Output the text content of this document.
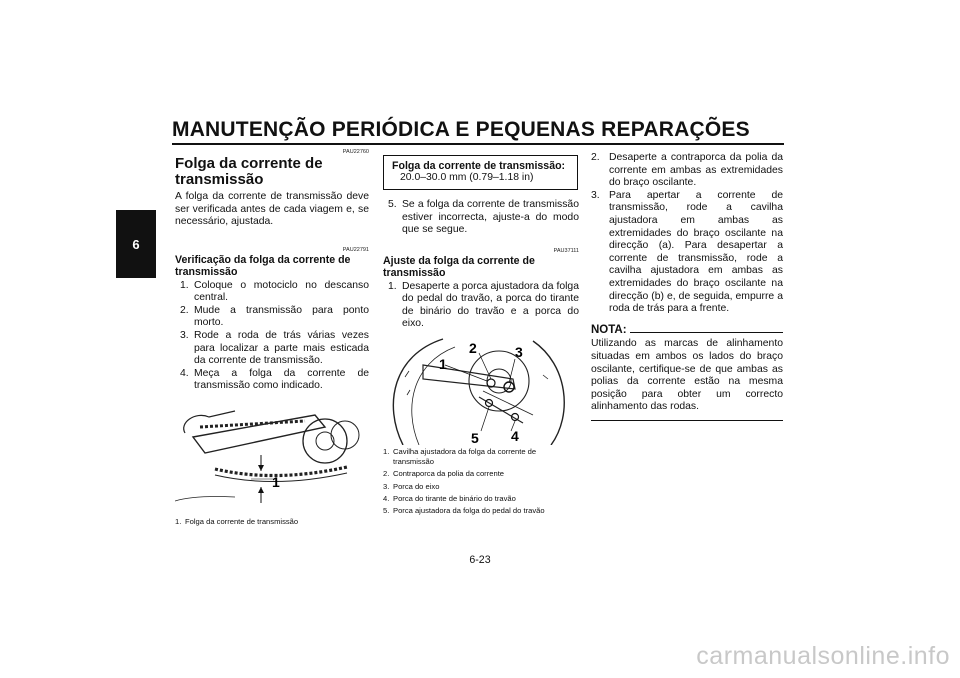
MANUTENÇÃO PERIÓDICA E PEQUENAS REPARAÇÕES
6

PAU22760

Folga da corrente de transmissão

A folga da corrente de transmissão deve ser verificada antes de cada viagem e, se necessário, ajustada.

PAU22791

Verificação da folga da corrente de transmissão
1. Coloque o motociclo no descanso central.
2. Mude a transmissão para ponto morto.
3. Rode a roda de trás várias vezes para localizar a parte mais esticada da corrente de transmissão.
4. Meça a folga da corrente de transmissão como indicado.
1
1. Folga da corrente de transmissão
Folga da corrente de transmissão:
20.0–30.0 mm (0.79–1.18 in)
5. Se a folga da corrente de transmissão estiver incorrecta, ajuste-a do modo que se segue.

PAU37111

Ajuste da folga da corrente de transmissão
1. Desaperte a porca ajustadora da folga do pedal do travão, a porca do tirante de binário do travão e a porca do eixo.
1
2	3
4
5
1. Cavilha ajustadora da folga da corrente de transmissão
2. Contraporca da polia da corrente
3. Porca do eixo
4. Porca do tirante de binário do travão
5. Porca ajustadora da folga do pedal do travão
2. Desaperte a contraporca da polia da corrente em ambas as extremidades do braço oscilante.
3. Para apertar a corrente de transmissão, rode a cavilha ajustadora em ambas as extremidades do braço oscilante na direcção (a). Para desapertar a corrente de transmissão, rode a cavilha ajustadora em ambas as extremidades do braço oscilante na direcção (b) e, de seguida, empurre a roda de trás para a frente.
NOTA:

Utilizando as marcas de alinhamento situadas em ambos os lados do braço oscilante, certifique-se de que ambas as polias da corrente estão na mesma posição para obter um correcto alinhamento das rodas.

6-23

carmanualsonline.info
